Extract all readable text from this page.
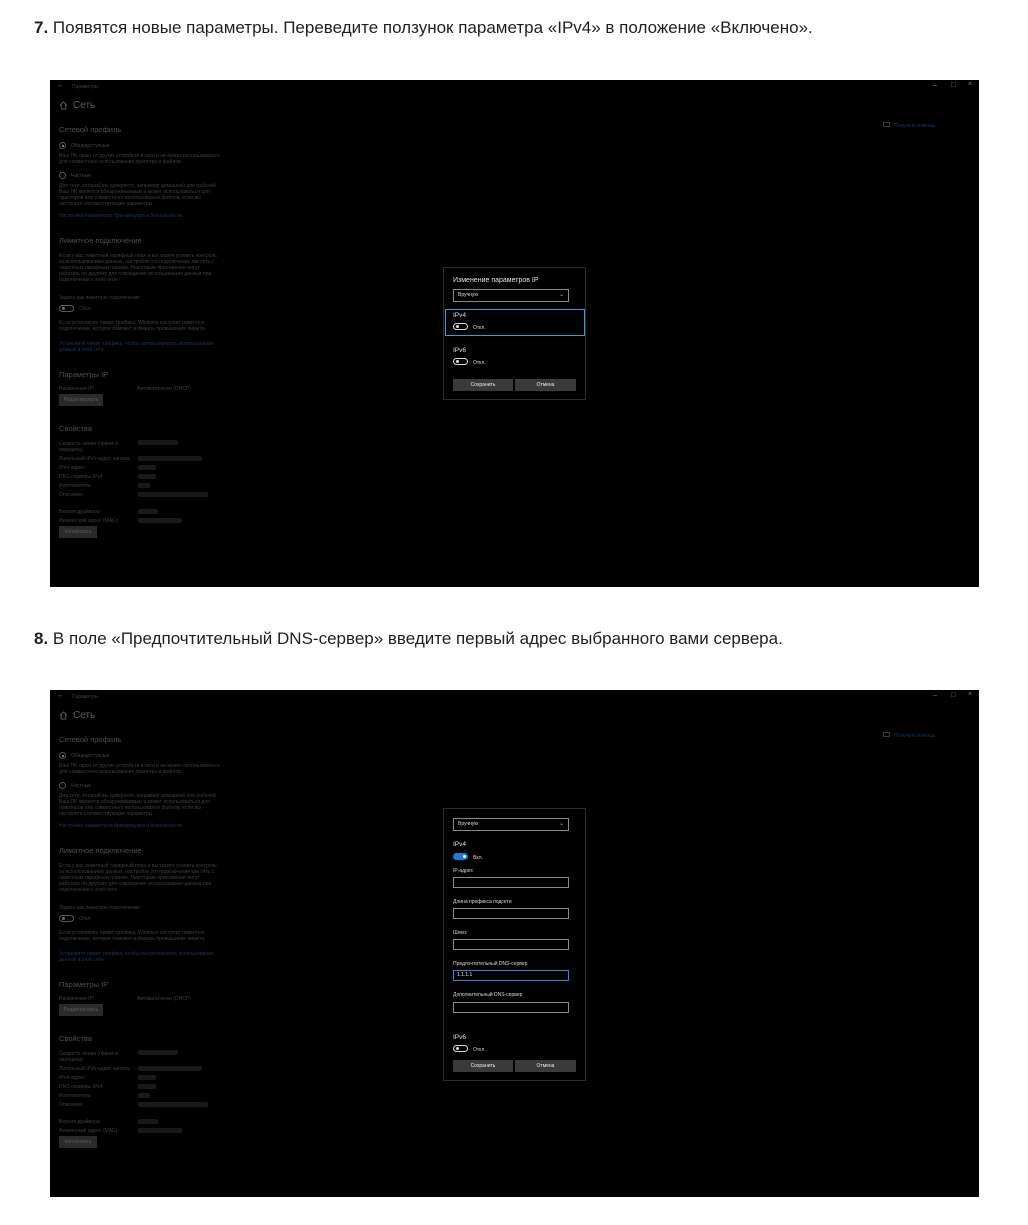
7. Появятся новые параметры. Переведите ползунок параметра «IPv4» в положение «Включено».
← Параметры	– □ ×
Сеть
Получить помощь
Сетевой профиль
Общедоступные
Ваш ПК скрыт от других устройств в сети и не может использоваться
для совместного использования принтера и файлов.
Частные
Для сети, которой вы доверяете, например домашней или рабочей.
Ваш ПК является обнаруживаемым и может использоваться для
принтеров или совместного использования файлов, если вы
настроите соответствующие параметры.
Настройка параметров брандмауэра и безопасности
Лимитное подключение
Если у вас лимитный тарифный план и вы хотите усилить контроль
за использованием данных, настройте это подключение как сеть с
лимитным тарифным планом. Некоторые приложения могут
работать по-другому для сокращения использования данных при
подключении к этой сети.
Задать как лимитное подключение
Откл.
Если установлен лимит трафика, Windows настроит лимитное
подключение, которое поможет избежать превышения лимита.
Установите лимит трафика, чтобы контролировать использование
данных в этой сети
Параметры IP
Назначение IP:	Автоматически (DHCP)
Редактировать
Свойства
Скорость линии (прием и
передача):
Локальный IPv6-адрес канала:
IPv4-адрес:
DNS-серверы IPv4:
Изготовитель:
Описание:
Версия драйвера:
Физический адрес (MAC):
Копировать
Изменение параметров IP
Вручную	⌄
IPv4
Откл.
IPv6
Откл.
Сохранить	Отмена
8. В поле «Предпочтительный DNS-сервер» введите первый адрес выбранного вами сервера.
← Параметры	– □ ×
Сеть
Получить помощь
Сетевой профиль
Общедоступные
Ваш ПК скрыт от других устройств в сети и не может использоваться
для совместного использования принтера и файлов.
Частные
Для сети, которой вы доверяете, например домашней или рабочей.
Ваш ПК является обнаруживаемым и может использоваться для
принтеров или совместного использования файлов, если вы
настроите соответствующие параметры.
Настройка параметров брандмауэра и безопасности
Лимитное подключение
Если у вас лимитный тарифный план и вы хотите усилить контроль
за использованием данных, настройте это подключение как сеть с
лимитным тарифным планом. Некоторые приложения могут
работать по-другому для сокращения использования данных при
подключении к этой сети.
Задать как лимитное подключение
Откл.
Если установлен лимит трафика, Windows настроит лимитное
подключение, которое поможет избежать превышения лимита.
Установите лимит трафика, чтобы контролировать использование
данных в этой сети
Параметры IP
Назначение IP:	Автоматически (DHCP)
Редактировать
Свойства
Скорость линии (прием и
передача):
Локальный IPv6-адрес канала:
IPv4-адрес:
DNS-серверы IPv4:
Изготовитель:
Описание:
Версия драйвера:
Физический адрес (MAC):
Копировать
Вручную	⌄
IPv4
Вкл.
IP-адрес
Длина префикса подсети
Шлюз
Предпочтительный DNS-сервер
1.1.1.1
Дополнительный DNS-сервер
IPv6
Откл.
Сохранить	Отмена
